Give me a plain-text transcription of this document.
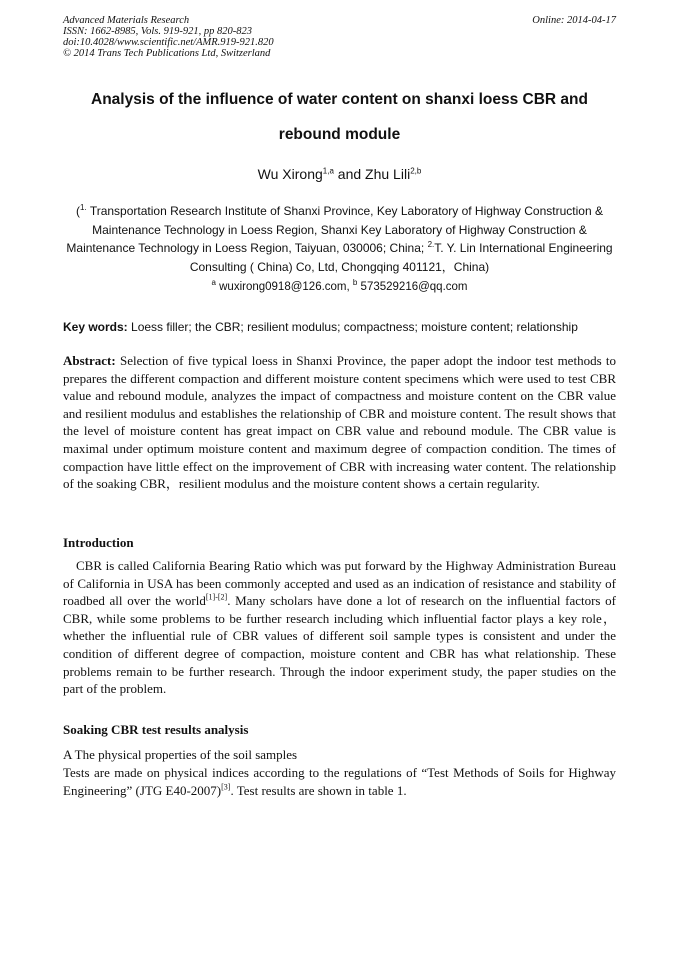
Advanced Materials Research
ISSN: 1662-8985, Vols. 919-921, pp 820-823
doi:10.4028/www.scientific.net/AMR.919-921.820
© 2014 Trans Tech Publications Ltd, Switzerland
Online: 2014-04-17
Analysis of the influence of water content on shanxi loess CBR and
rebound module
Wu Xirong$^{1,a}$ and Zhu Lili$^{2,b}$
($^{1.}$ Transportation Research Institute of Shanxi Province, Key Laboratory of Highway Construction & Maintenance Technology in Loess Region, Shanxi Key Laboratory of Highway Construction & Maintenance Technology in Loess Region, Taiyuan, 030006; China; $^{2.}$T. Y. Lin International Engineering Consulting ( China) Co, Ltd, Chongqing 401121，China)
$^a$ wuxirong0918@126.com, $^b$ 573529216@qq.com
Key words: Loess filler; the CBR; resilient modulus; compactness; moisture content; relationship
Abstract: Selection of five typical loess in Shanxi Province, the paper adopt the indoor test methods to prepares the different compaction and different moisture content specimens which were used to test CBR value and rebound module, analyzes the impact of compactness and moisture content on the CBR value and resilient modulus and establishes the relationship of CBR and moisture content. The result shows that the level of moisture content has great impact on CBR value and rebound module. The CBR value is maximal under optimum moisture content and maximum degree of compaction condition. The times of compaction have little effect on the improvement of CBR with increasing water content. The relationship of the soaking CBR，resilient modulus and the moisture content shows a certain regularity.
Introduction
CBR is called California Bearing Ratio which was put forward by the Highway Administration Bureau of California in USA has been commonly accepted and used as an indication of resistance and stability of roadbed all over the world[1]-[2]. Many scholars have done a lot of research on the influential factors of CBR, while some problems to be further research including which influential factor plays a key role， whether the influential rule of CBR values of different soil sample types is consistent and under the condition of different degree of compaction, moisture content and CBR has what relationship. These problems remain to be further research. Through the indoor experiment study, the paper studies on the part of the problem.
Soaking CBR test results analysis
A The physical properties of the soil samples
Tests are made on physical indices according to the regulations of “Test Methods of Soils for Highway Engineering” (JTG E40-2007)[3]. Test results are shown in table 1.
